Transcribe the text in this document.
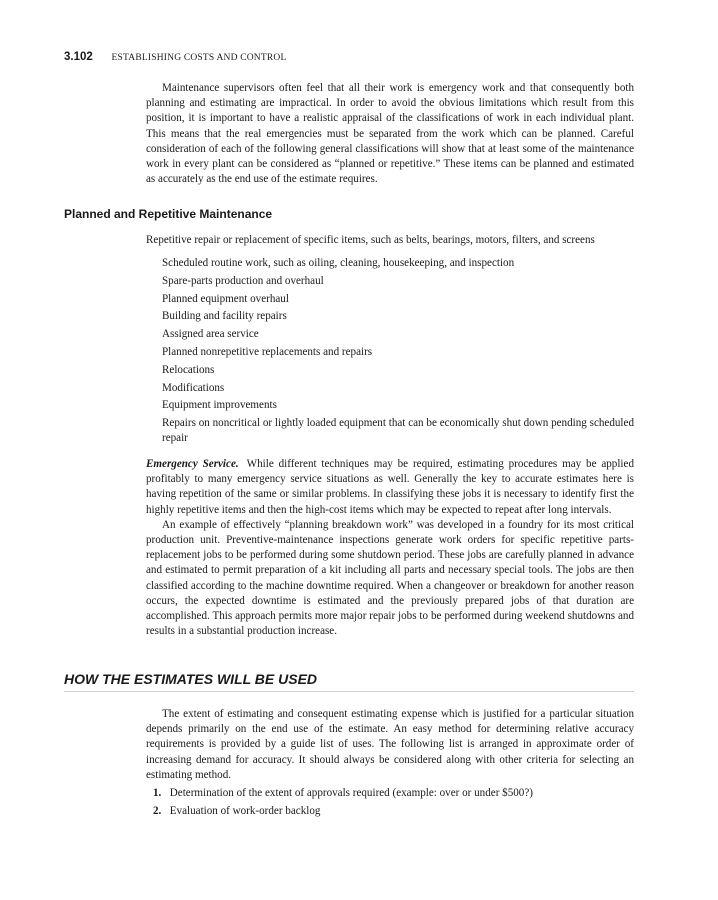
3.102 ESTABLISHING COSTS AND CONTROL

Maintenance supervisors often feel that all their work is emergency work and that consequently both planning and estimating are impractical. In order to avoid the obvious limitations which result from this position, it is important to have a realistic appraisal of the classifications of work in each individual plant. This means that the real emergencies must be separated from the work which can be planned. Careful consideration of each of the following general classifications will show that at least some of the maintenance work in every plant can be considered as “planned or repetitive.” These items can be planned and estimated as accurately as the end use of the estimate requires.

Planned and Repetitive Maintenance
Repetitive repair or replacement of specific items, such as belts, bearings, motors, filters, and screens
Scheduled routine work, such as oiling, cleaning, housekeeping, and inspection
Spare-parts production and overhaul
Planned equipment overhaul
Building and facility repairs
Assigned area service
Planned nonrepetitive replacements and repairs
Relocations
Modifications
Equipment improvements
Repairs on noncritical or lightly loaded equipment that can be economically shut down pending scheduled repair

Emergency Service. While different techniques may be required, estimating procedures may be applied profitably to many emergency service situations as well. Generally the key to accurate estimates here is having repetition of the same or similar problems. In classifying these jobs it is necessary to identify first the highly repetitive items and then the high-cost items which may be expected to repeat after long intervals.

An example of effectively “planning breakdown work” was developed in a foundry for its most critical production unit. Preventive-maintenance inspections generate work orders for specific repetitive parts-replacement jobs to be performed during some shutdown period. These jobs are carefully planned in advance and estimated to permit preparation of a kit including all parts and necessary special tools. The jobs are then classified according to the machine downtime required. When a changeover or breakdown for another reason occurs, the expected downtime is estimated and the previously prepared jobs of that duration are accomplished. This approach permits more major repair jobs to be performed during weekend shutdowns and results in a substantial production increase.

HOW THE ESTIMATES WILL BE USED

The extent of estimating and consequent estimating expense which is justified for a particular situation depends primarily on the end use of the estimate. An easy method for determining relative accuracy requirements is provided by a guide list of uses. The following list is arranged in approximate order of increasing demand for accuracy. It should always be considered along with other criteria for selecting an estimating method.

1. Determination of the extent of approvals required (example: over or under $500?)
2. Evaluation of work-order backlog
